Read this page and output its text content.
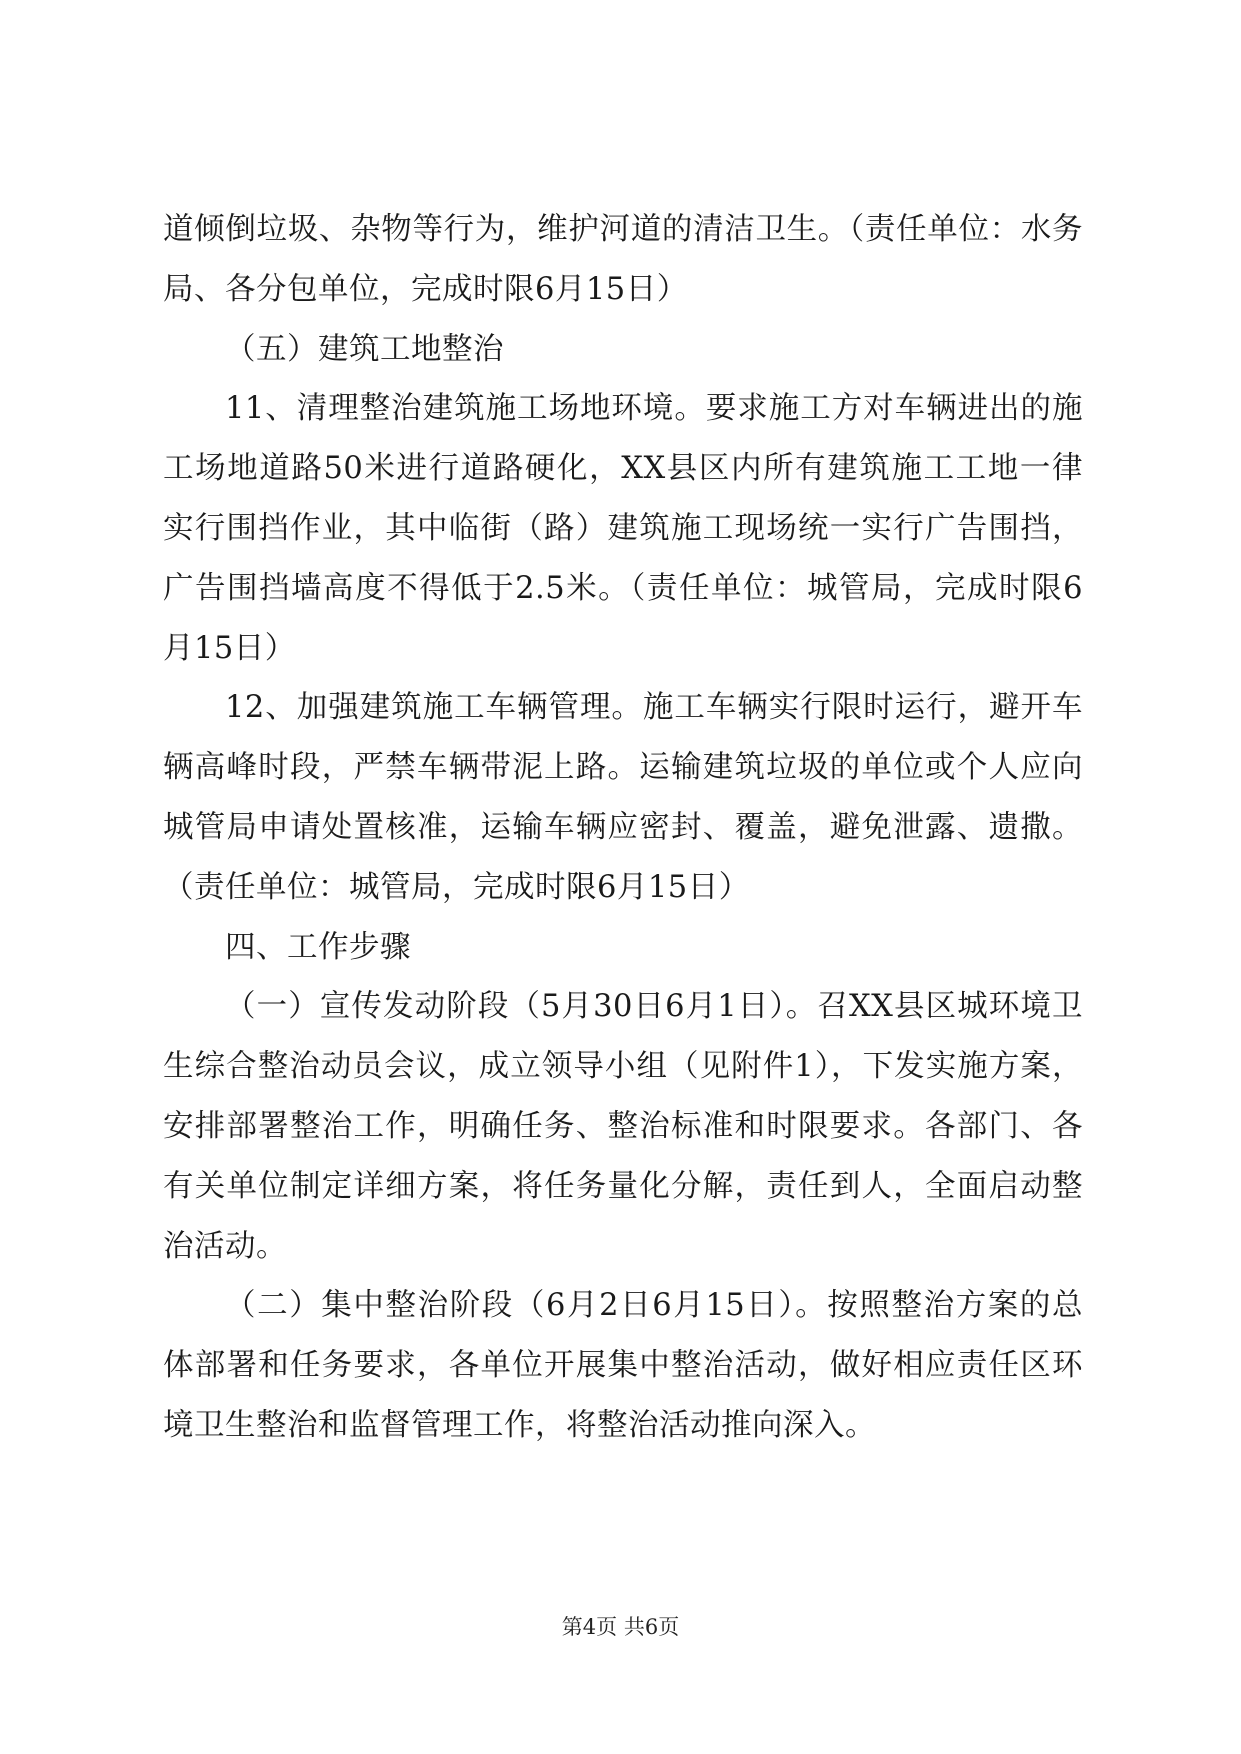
道倾倒垃圾、杂物等行为，维护河道的清洁卫生。（责任单位：水务局、各分包单位，完成时限6月15日）

（五）建筑工地整治

11、清理整治建筑施工场地环境。要求施工方对车辆进出的施工场地道路50米进行道路硬化，XX县区内所有建筑施工工地一律实行围挡作业，其中临街（路）建筑施工现场统一实行广告围挡，广告围挡墙高度不得低于2.5米。（责任单位：城管局，完成时限6月15日）

12、加强建筑施工车辆管理。施工车辆实行限时运行，避开车辆高峰时段，严禁车辆带泥上路。运输建筑垃圾的单位或个人应向城管局申请处置核准，运输车辆应密封、覆盖，避免泄露、遗撒。（责任单位：城管局，完成时限6月15日）

四、工作步骤

（一）宣传发动阶段（5月30日6月1日）。召XX县区城环境卫生综合整治动员会议，成立领导小组（见附件1），下发实施方案，安排部署整治工作，明确任务、整治标准和时限要求。各部门、各有关单位制定详细方案，将任务量化分解，责任到人，全面启动整治活动。

（二）集中整治阶段（6月2日6月15日）。按照整治方案的总体部署和任务要求，各单位开展集中整治活动，做好相应责任区环境卫生整治和监督管理工作，将整治活动推向深入。

第4页 共6页
